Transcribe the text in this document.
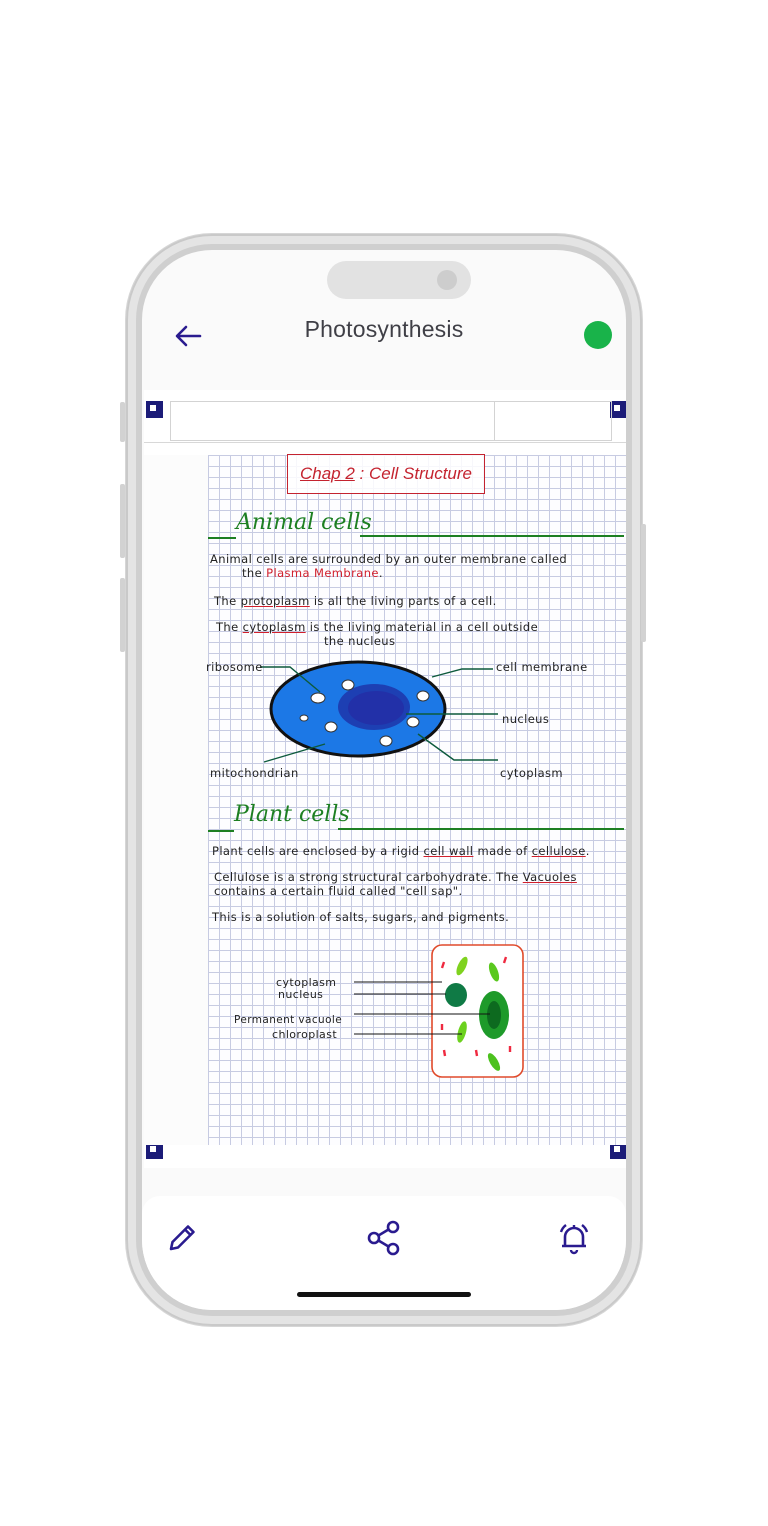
Photosynthesis
Chap 2
:
Cell Structure
Animal cells
Animal cells are surrounded by an outer membrane called
the Plasma Membrane.
The protoplasm is all the living parts of a cell.
The cytoplasm is the living material in a cell outside
the nucleus
ribosome	cell membrane
nucleus
mitochondrian	cytoplasm
Plant cells
Plant cells are enclosed by a rigid cell wall made of cellulose.
Cellulose is a strong structural carbohydrate. The Vacuoles
contains a certain fluid called "cell sap".
This is a solution of salts, sugars, and pigments.
cytoplasm
nucleus
Permanent vacuole
chloroplast
